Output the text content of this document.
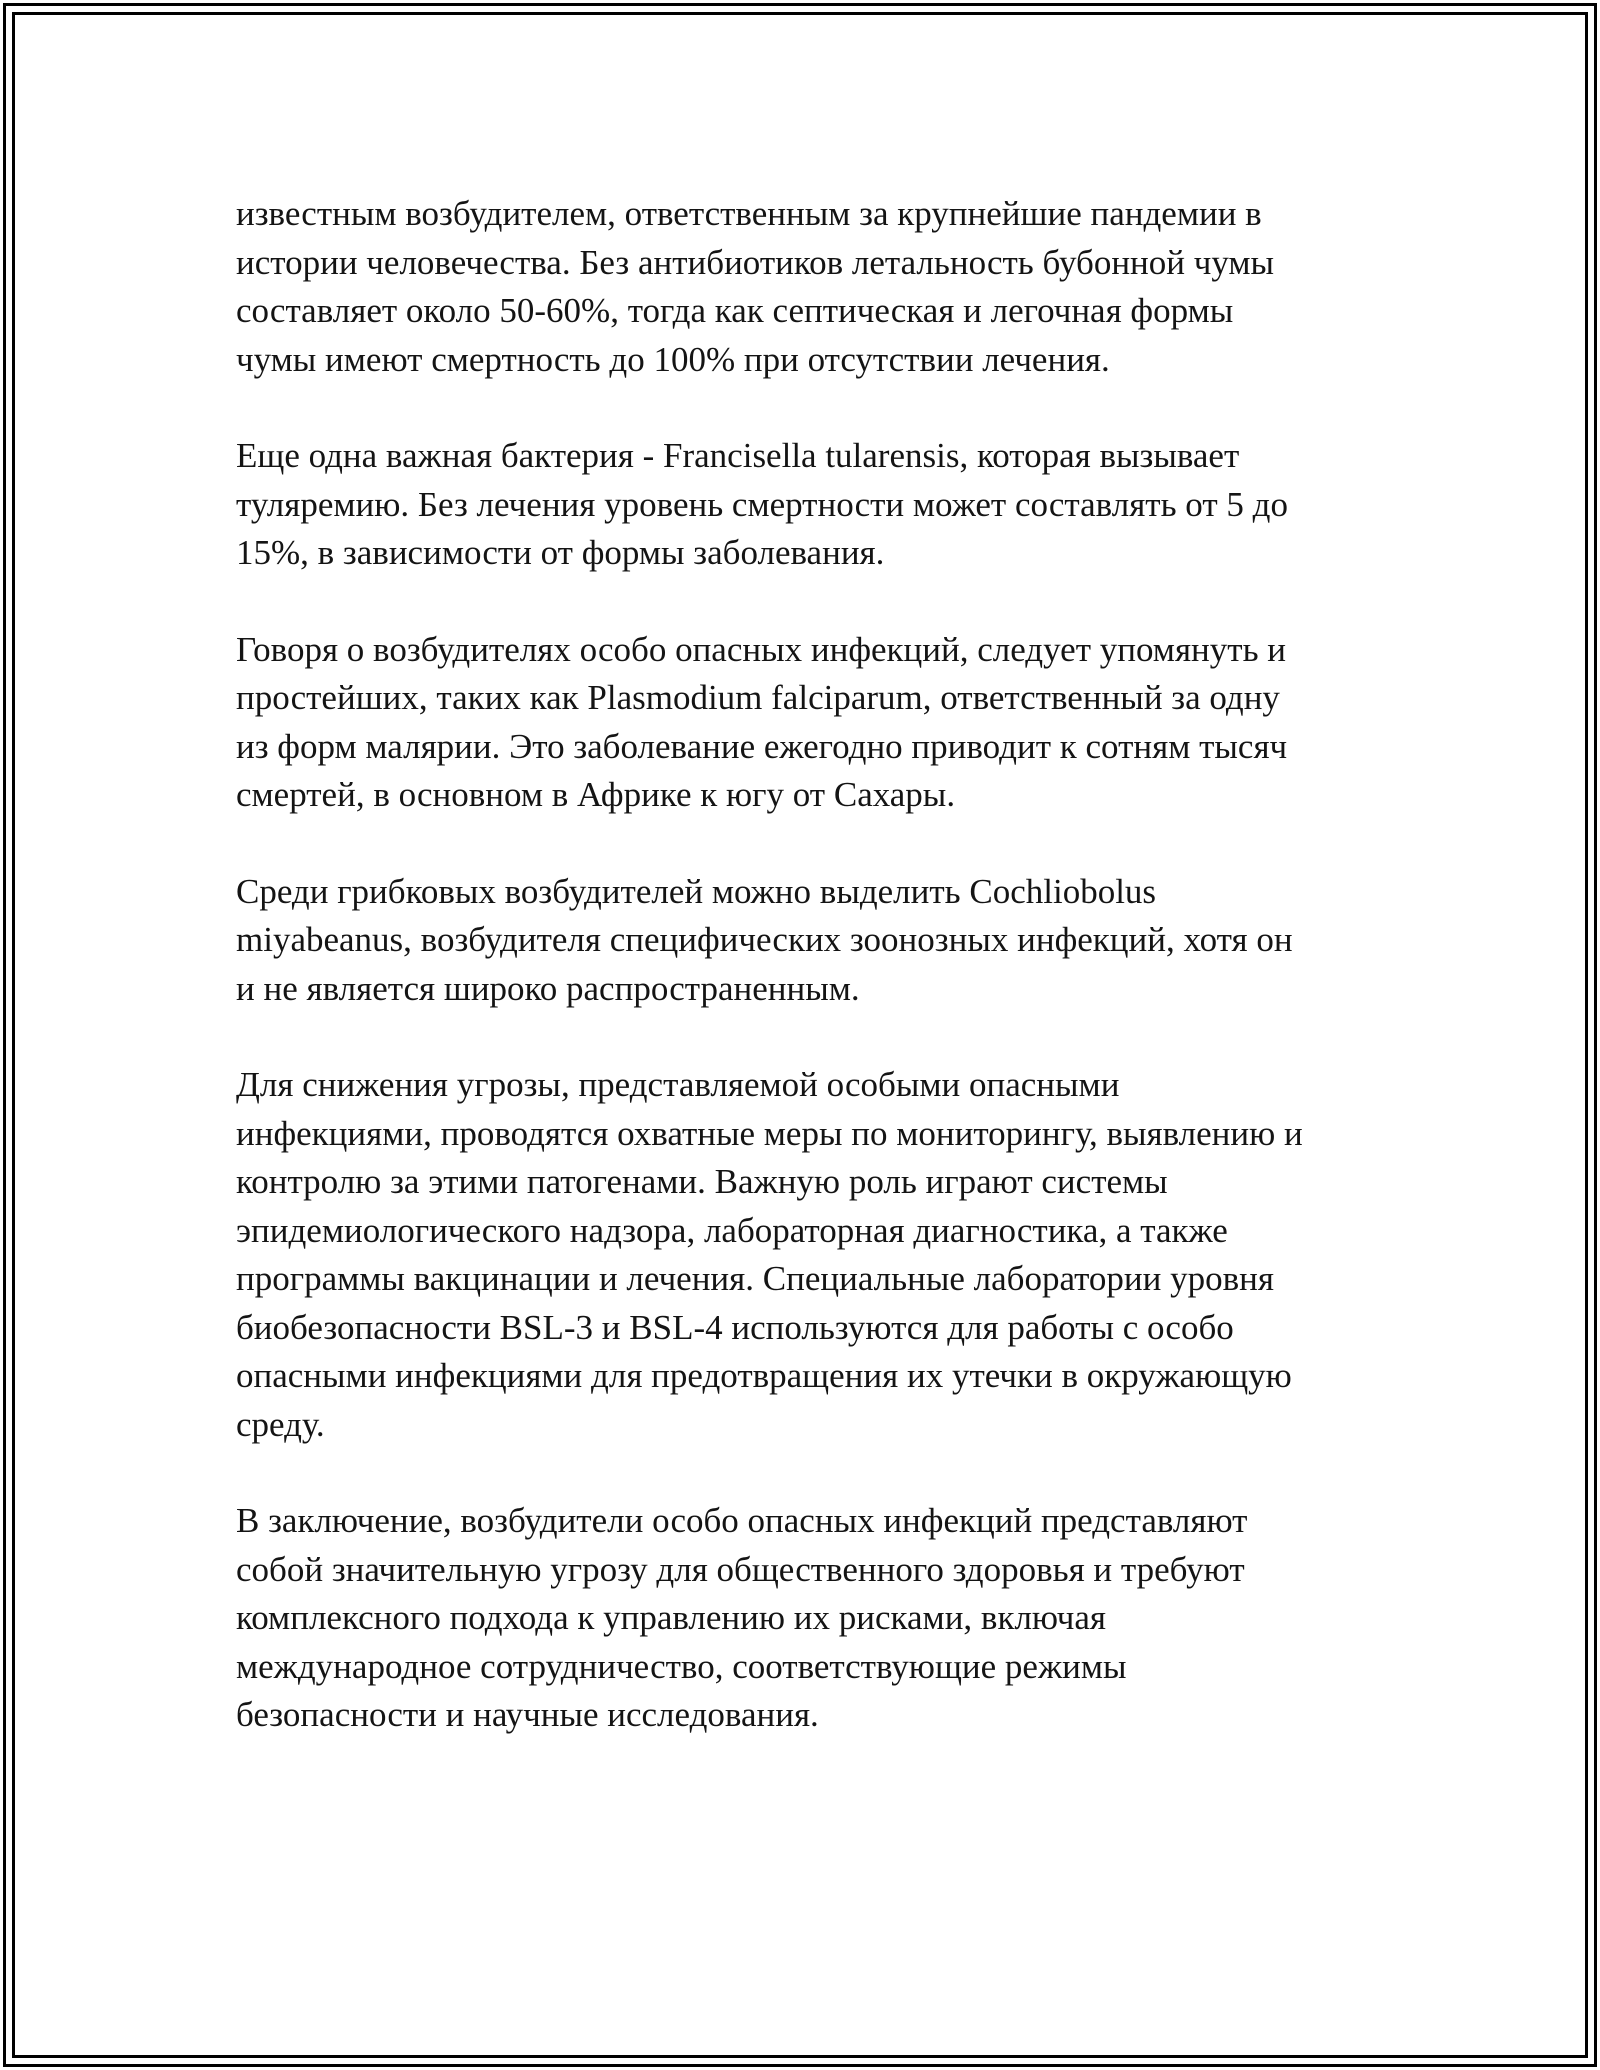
известным возбудителем, ответственным за крупнейшие пандемии в
истории человечества. Без антибиотиков летальность бубонной чумы
составляет около 50-60%, тогда как септическая и легочная формы
чумы имеют смертность до 100% при отсутствии лечения.
Еще одна важная бактерия - Francisella tularensis, которая вызывает
туляремию. Без лечения уровень смертности может составлять от 5 до
15%, в зависимости от формы заболевания.
Говоря о возбудителях особо опасных инфекций, следует упомянуть и
простейших, таких как Plasmodium falciparum, ответственный за одну
из форм малярии. Это заболевание ежегодно приводит к сотням тысяч
смертей, в основном в Африке к югу от Сахары.
Среди грибковых возбудителей можно выделить Cochliobolus
miyabeanus, возбудителя специфических зоонозных инфекций, хотя он
и не является широко распространенным.
Для снижения угрозы, представляемой особыми опасными
инфекциями, проводятся охватные меры по мониторингу, выявлению и
контролю за этими патогенами. Важную роль играют системы
эпидемиологического надзора, лабораторная диагностика, а также
программы вакцинации и лечения. Специальные лаборатории уровня
биобезопасности BSL-3 и BSL-4 используются для работы с особо
опасными инфекциями для предотвращения их утечки в окружающую
среду.
В заключение, возбудители особо опасных инфекций представляют
собой значительную угрозу для общественного здоровья и требуют
комплексного подхода к управлению их рисками, включая
международное сотрудничество, соответствующие режимы
безопасности и научные исследования.
